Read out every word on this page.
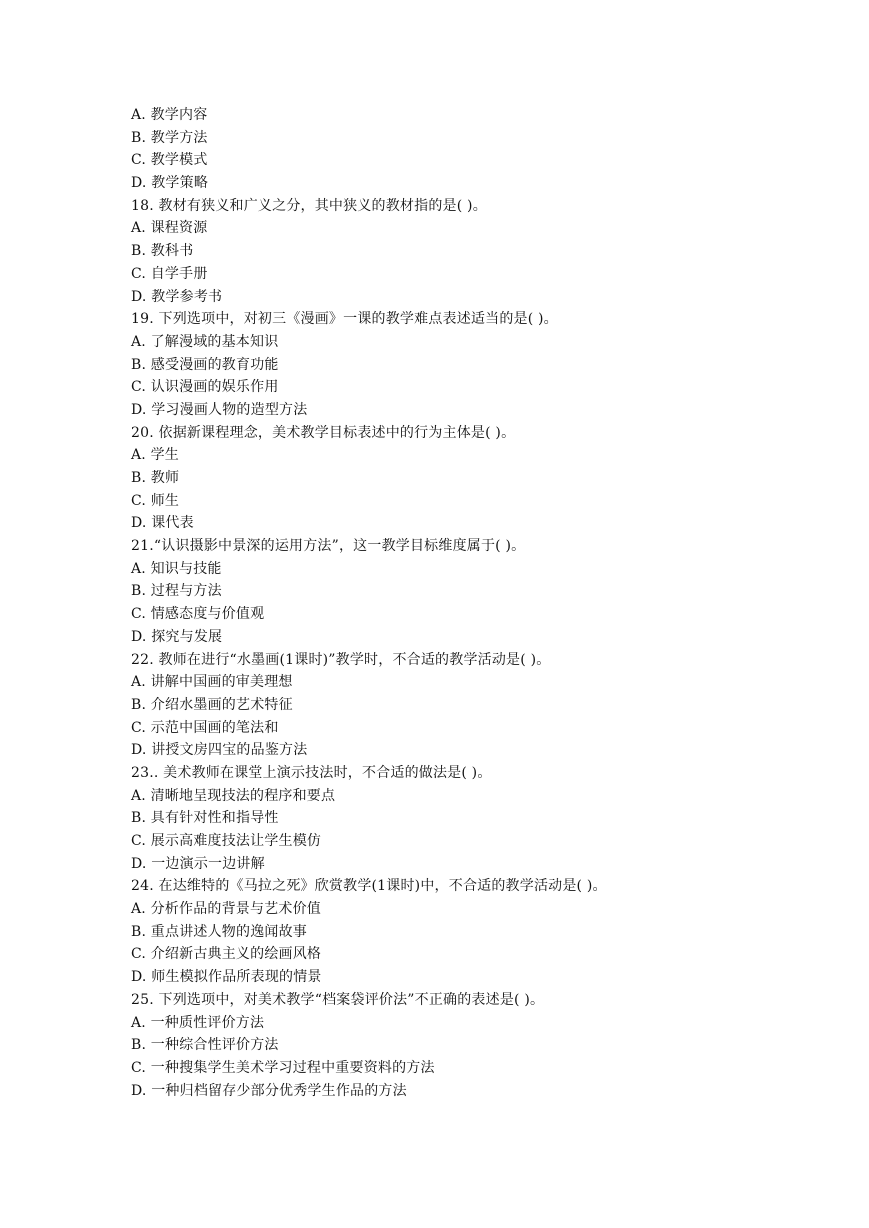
A. 教学内容
B. 教学方法
C. 教学模式
D. 教学策略
18. 教材有狭义和广义之分，其中狭义的教材指的是( )。
A. 课程资源
B. 教科书
C. 自学手册
D. 教学参考书
19. 下列选项中，对初三《漫画》一课的教学难点表述适当的是( )。
A. 了解漫域的基本知识
B. 感受漫画的教育功能
C. 认识漫画的娱乐作用
D. 学习漫画人物的造型方法
20. 依据新课程理念，美术教学目标表述中的行为主体是( )。
A. 学生
B. 教师
C. 师生
D. 课代表
21.“认识摄影中景深的运用方法”，这一教学目标维度属于( )。
A. 知识与技能
B. 过程与方法
C. 情感态度与价值观
D. 探究与发展
22. 教师在进行“水墨画(1课时)”教学时，不合适的教学活动是( )。
A. 讲解中国画的审美理想
B. 介绍水墨画的艺术特征
C. 示范中国画的笔法和
D. 讲授文房四宝的品鉴方法
23.. 美术教师在课堂上演示技法时，不合适的做法是( )。
A. 清晰地呈现技法的程序和要点
B. 具有针对性和指导性
C. 展示高难度技法让学生模仿
D. 一边演示一边讲解
24. 在达维特的《马拉之死》欣赏教学(1课时)中，不合适的教学活动是( )。
A. 分析作品的背景与艺术价值
B. 重点讲述人物的逸闻故事
C. 介绍新古典主义的绘画风格
D. 师生模拟作品所表现的情景
25. 下列选项中，对美术教学“档案袋评价法”不正确的表述是( )。
A. 一种质性评价方法
B. 一种综合性评价方法
C. 一种搜集学生美术学习过程中重要资料的方法
D. 一种归档留存少部分优秀学生作品的方法
